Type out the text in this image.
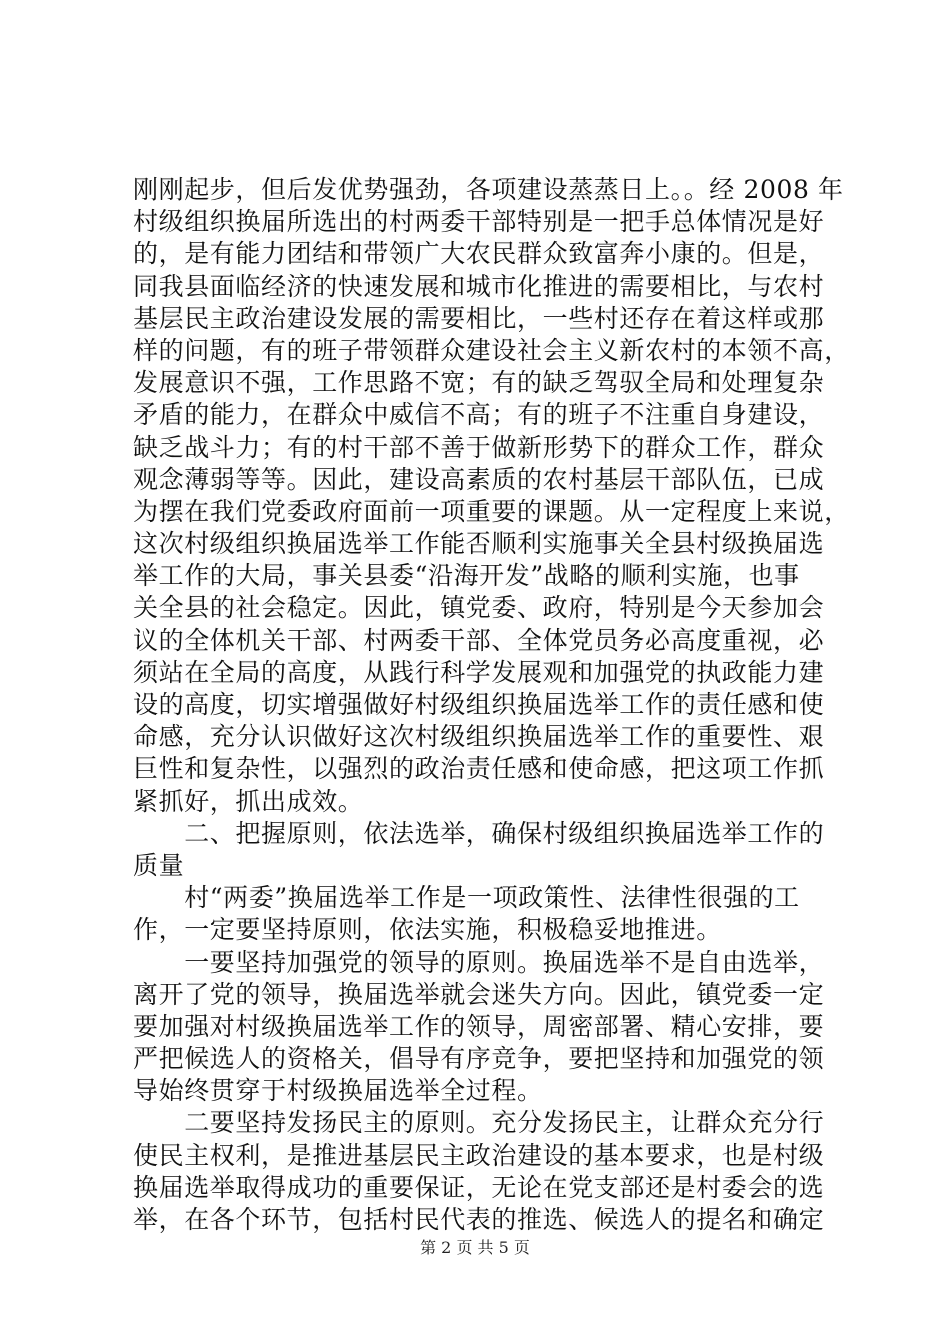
刚刚起步，但后发优势强劲，各项建设蒸蒸日上。。经 2008 年
村级组织换届所选出的村两委干部特别是一把手总体情况是好
的，是有能力团结和带领广大农民群众致富奔小康的。但是，
同我县面临经济的快速发展和城市化推进的需要相比，与农村
基层民主政治建设发展的需要相比，一些村还存在着这样或那
样的问题，有的班子带领群众建设社会主义新农村的本领不高，
发展意识不强，工作思路不宽；有的缺乏驾驭全局和处理复杂
矛盾的能力，在群众中威信不高；有的班子不注重自身建设，
缺乏战斗力；有的村干部不善于做新形势下的群众工作，群众
观念薄弱等等。因此，建设高素质的农村基层干部队伍，已成
为摆在我们党委政府面前一项重要的课题。从一定程度上来说，
这次村级组织换届选举工作能否顺利实施事关全县村级换届选
举工作的大局，事关县委“沿海开发”战略的顺利实施，也事
关全县的社会稳定。因此，镇党委、政府，特别是今天参加会
议的全体机关干部、村两委干部、全体党员务必高度重视，必
须站在全局的高度，从践行科学发展观和加强党的执政能力建
设的高度，切实增强做好村级组织换届选举工作的责任感和使
命感，充分认识做好这次村级组织换届选举工作的重要性、艰
巨性和复杂性，以强烈的政治责任感和使命感，把这项工作抓
紧抓好，抓出成效。
　　二、把握原则，依法选举，确保村级组织换届选举工作的
质量
　　村“两委”换届选举工作是一项政策性、法律性很强的工
作，一定要坚持原则，依法实施，积极稳妥地推进。
　　一要坚持加强党的领导的原则。换届选举不是自由选举，
离开了党的领导，换届选举就会迷失方向。因此，镇党委一定
要加强对村级换届选举工作的领导，周密部署、精心安排，要
严把候选人的资格关，倡导有序竞争，要把坚持和加强党的领
导始终贯穿于村级换届选举全过程。
　　二要坚持发扬民主的原则。充分发扬民主，让群众充分行
使民主权利，是推进基层民主政治建设的基本要求，也是村级
换届选举取得成功的重要保证，无论在党支部还是村委会的选
举，在各个环节，包括村民代表的推选、候选人的提名和确定
第 2 页 共 5 页
